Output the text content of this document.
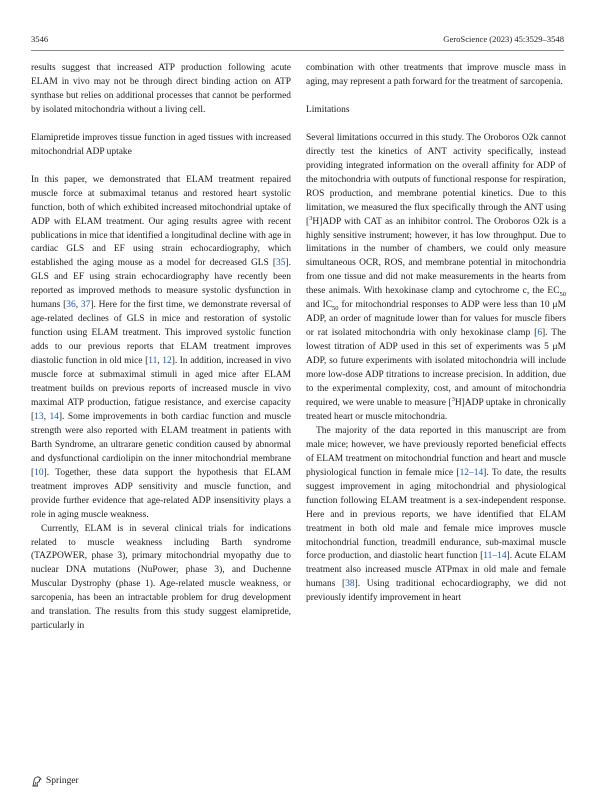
3546	GeroScience (2023) 45:3529–3548

results suggest that increased ATP production following acute ELAM in vivo may not be through direct binding action on ATP synthase but relies on additional processes that cannot be performed by isolated mitochondria without a living cell.

Elamipretide improves tissue function in aged tissues with increased mitochondrial ADP uptake

In this paper, we demonstrated that ELAM treatment repaired muscle force at submaximal tetanus and restored heart systolic function, both of which exhibited increased mitochondrial uptake of ADP with ELAM treatment. Our aging results agree with recent publications in mice that identified a longitudinal decline with age in cardiac GLS and EF using strain echocardiography, which established the aging mouse as a model for decreased GLS [35]. GLS and EF using strain echocardiography have recently been reported as improved methods to measure systolic dysfunction in humans [36, 37]. Here for the first time, we demonstrate reversal of age-related declines of GLS in mice and restoration of systolic function using ELAM treatment. This improved systolic function adds to our previous reports that ELAM treatment improves diastolic function in old mice [11, 12]. In addition, increased in vivo muscle force at submaximal stimuli in aged mice after ELAM treatment builds on previous reports of increased muscle in vivo maximal ATP production, fatigue resistance, and exercise capacity [13, 14]. Some improvements in both cardiac function and muscle strength were also reported with ELAM treatment in patients with Barth Syndrome, an ultrarare genetic condition caused by abnormal and dysfunctional cardiolipin on the inner mitochondrial membrane [10]. Together, these data support the hypothesis that ELAM treatment improves ADP sensitivity and muscle function, and provide further evidence that age-related ADP insensitivity plays a role in aging muscle weakness.

Currently, ELAM is in several clinical trials for indications related to muscle weakness including Barth syndrome (TAZPOWER, phase 3), primary mitochondrial myopathy due to nuclear DNA mutations (NuPower, phase 3), and Duchenne Muscular Dystrophy (phase 1). Age-related muscle weakness, or sarcopenia, has been an intractable problem for drug development and translation. The results from this study suggest elamipretide, particularly in

combination with other treatments that improve muscle mass in aging, may represent a path forward for the treatment of sarcopenia.

Limitations

Several limitations occurred in this study. The Oroboros O2k cannot directly test the kinetics of ANT activity specifically, instead providing integrated information on the overall affinity for ADP of the mitochondria with outputs of functional response for respiration, ROS production, and membrane potential kinetics. Due to this limitation, we measured the flux specifically through the ANT using [$^3$H]ADP with CAT as an inhibitor control. The Oroboros O2k is a highly sensitive instrument; however, it has low throughput. Due to limitations in the number of chambers, we could only measure simultaneous OCR, ROS, and membrane potential in mitochondria from one tissue and did not make measurements in the hearts from these animals. With hexokinase clamp and cytochrome c, the $EC_{50}$ and $IC_{50}$ for mitochondrial responses to ADP were less than 10 μM ADP, an order of magnitude lower than for values for muscle fibers or rat isolated mitochondria with only hexokinase clamp [6]. The lowest titration of ADP used in this set of experiments was 5 μM ADP, so future experiments with isolated mitochondria will include more low-dose ADP titrations to increase precision. In addition, due to the experimental complexity, cost, and amount of mitochondria required, we were unable to measure [$^3$H]ADP uptake in chronically treated heart or muscle mitochondria.

The majority of the data reported in this manuscript are from male mice; however, we have previously reported beneficial effects of ELAM treatment on mitochondrial function and heart and muscle physiological function in female mice [12–14]. To date, the results suggest improvement in aging mitochondrial and physiological function following ELAM treatment is a sex-independent response. Here and in previous reports, we have identified that ELAM treatment in both old male and female mice improves muscle mitochondrial function, treadmill endurance, sub-maximal muscle force production, and diastolic heart function [11–14]. Acute ELAM treatment also increased muscle ATPmax in old male and female humans [38]. Using traditional echocardiography, we did not previously identify improvement in heart

Springer
